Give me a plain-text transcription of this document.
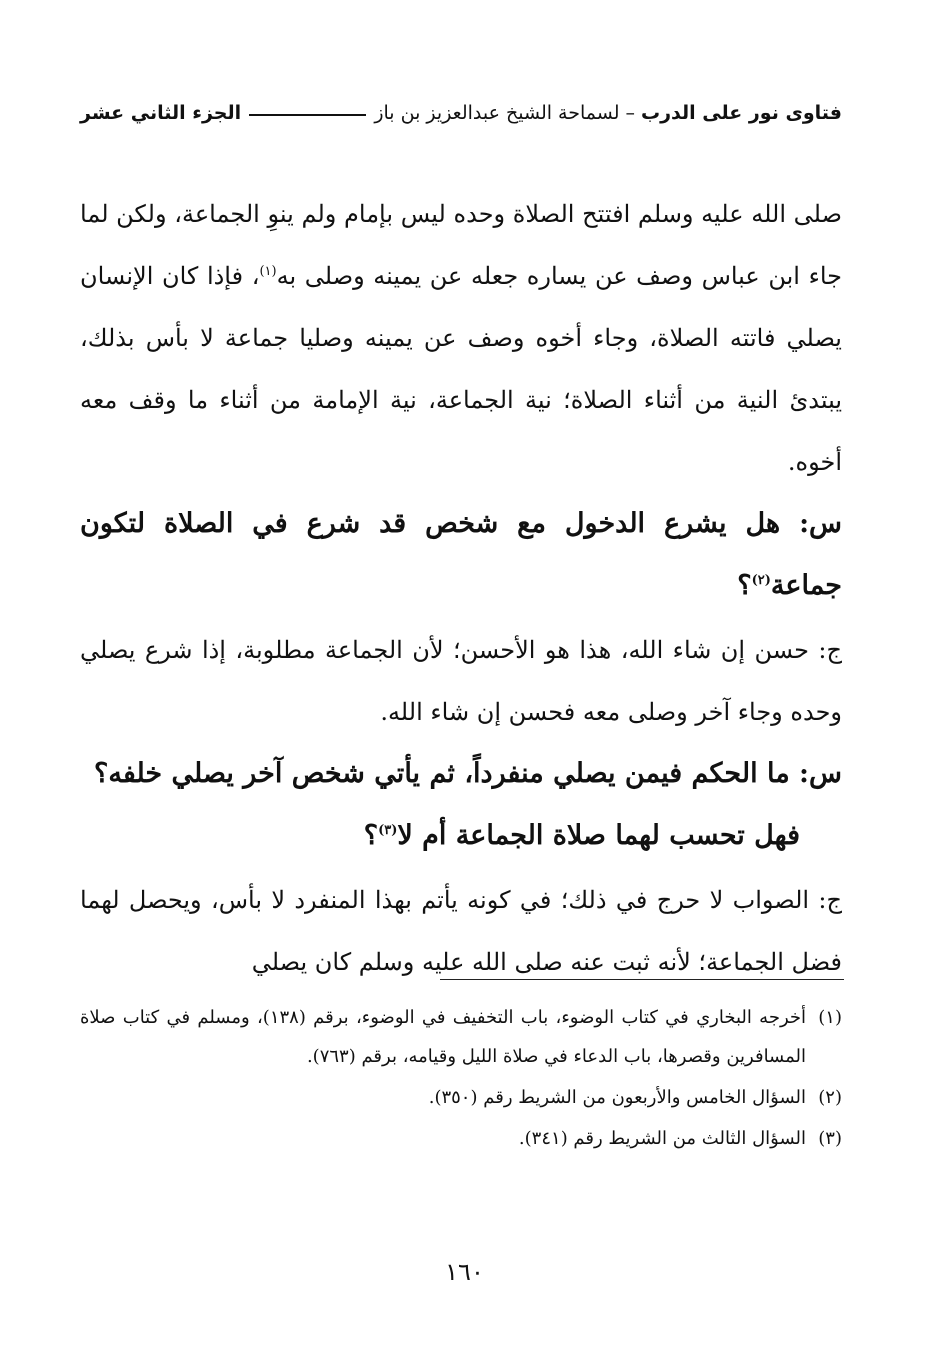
فتاوى نور على الدرب
–
لسماحة الشيخ عبدالعزيز بن باز
الجزء الثاني عشر

صلى الله عليه وسلم افتتح الصلاة وحده ليس بإمام ولم ينوِ الجماعة، ولكن لما جاء ابن عباس وصف عن يساره جعله عن يمينه وصلى به$^{(١)}$، فإذا كان الإنسان يصلي فاتته الصلاة، وجاء أخوه وصف عن يمينه وصليا جماعة لا بأس بذلك، يبتدئ النية من أثناء الصلاة؛ نية الجماعة، نية الإمامة من أثناء ما وقف معه أخوه.

س: هل يشرع الدخول مع شخص قد شرع في الصلاة لتكون جماعة$^{(٢)}$؟

ج: حسن إن شاء الله، هذا هو الأحسن؛ لأن الجماعة مطلوبة، إذا شرع يصلي وحده وجاء آخر وصلى معه فحسن إن شاء الله.

س: ما الحكم فيمن يصلي منفرداً، ثم يأتي شخص آخر يصلي خلفه؟
فهل تحسب لهما صلاة الجماعة أم لا$^{(٣)}$؟

ج: الصواب لا حرج في ذلك؛ في كونه يأتم بهذا المنفرد لا بأس، ويحصل لهما فضل الجماعة؛ لأنه ثبت عنه صلى الله عليه وسلم كان يصلي

(١)أخرجه البخاري في كتاب الوضوء، باب التخفيف في الوضوء، برقم (١٣٨)، ومسلم في كتاب صلاة المسافرين وقصرها، باب الدعاء في صلاة الليل وقيامه، برقم (٧٦٣).

(٢)السؤال الخامس والأربعون من الشريط رقم (٣٥٠).

(٣)السؤال الثالث من الشريط رقم (٣٤١).

١٦٠
